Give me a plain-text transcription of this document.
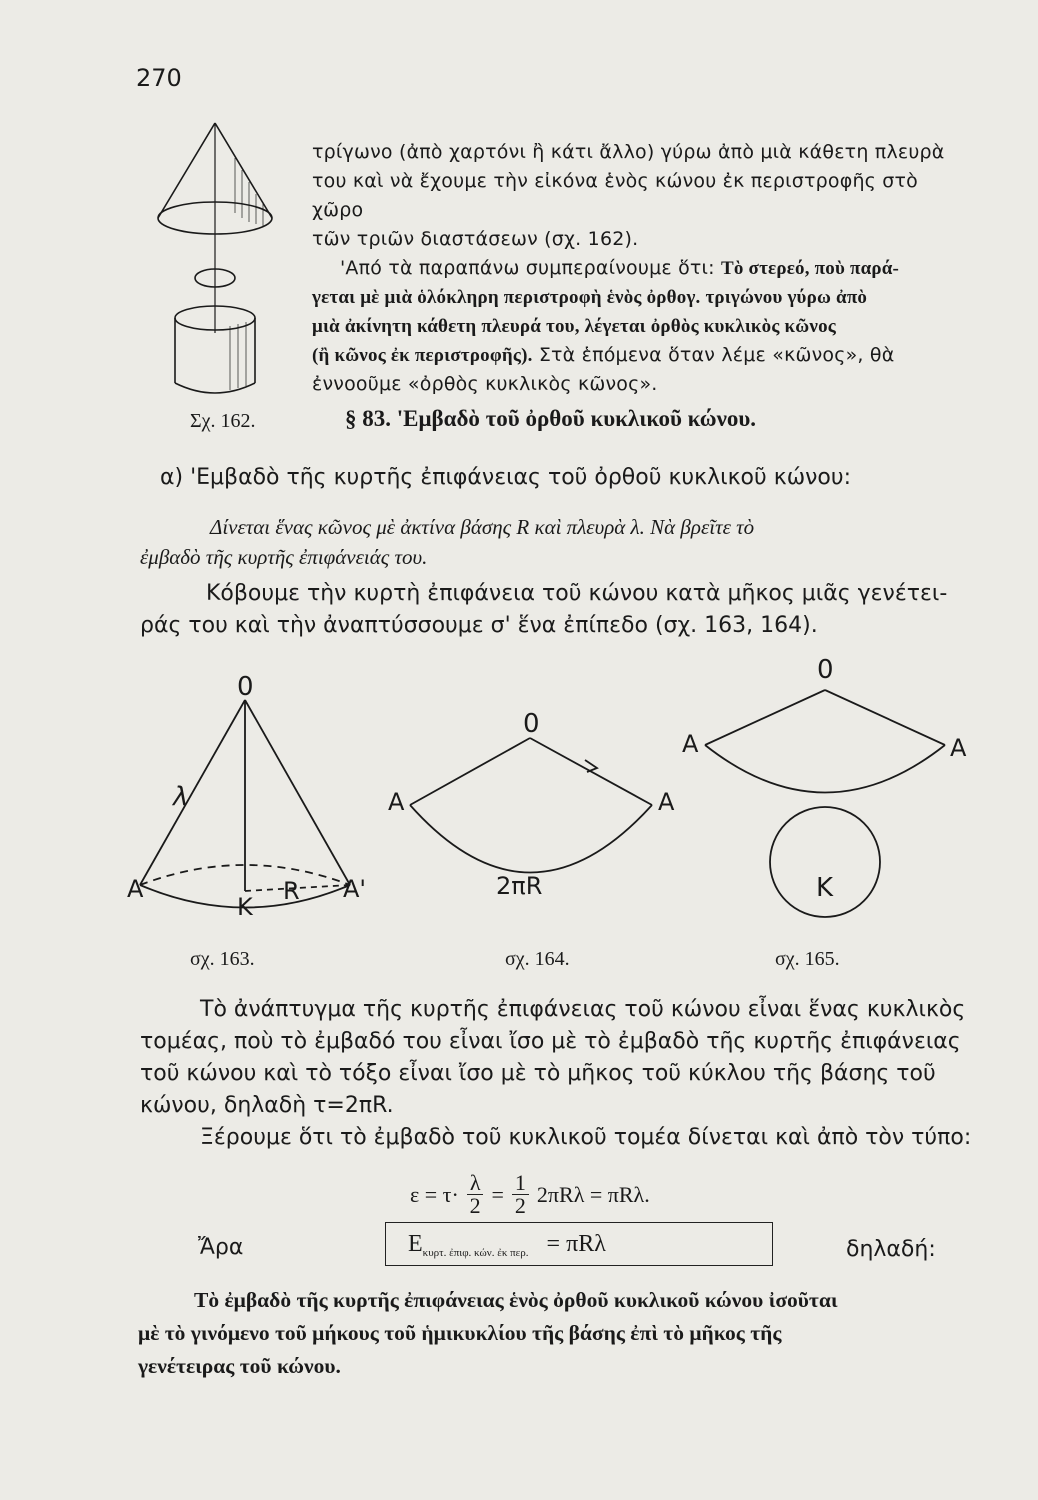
270
Σχ. 162.
τρίγωνο (ἀπὸ χαρτόνι ἢ κάτι ἄλλο) γύρω ἀπὸ μιὰ κάθετη πλευρὰ
του καὶ νὰ ἔχουμε τὴν εἰκόνα ἑνὸς κώνου ἐκ περιστροφῆς στὸ χῶρο
τῶν τριῶν διαστάσεων (σχ. 162).
'Από τὰ παραπάνω συμπεραίνουμε ὅτι: Τὸ στερεό, ποὺ παρά-
γεται μὲ μιὰ ὁλόκληρη περιστροφὴ ἑνὸς ὀρθογ. τριγώνου γύρω ἀπὸ
μιὰ ἀκίνητη κάθετη πλευρά του, λέγεται ὀρθὸς κυκλικὸς κῶνος
(ἢ κῶνος ἐκ περιστροφῆς). Στὰ ἑπόμενα ὅταν λέμε «κῶνος», θὰ
ἐννοοῦμε «ὀρθὸς κυκλικὸς κῶνος».
§ 83. 'Εμβαδὸ τοῦ ὀρθοῦ κυκλικοῦ κώνου.
α) 'Εμβαδὸ τῆς κυρτῆς ἐπιφάνειας τοῦ ὀρθοῦ κυκλικοῦ κώνου:
Δίνεται ἕνας κῶνος μὲ ἀκτίνα βάσης R καὶ πλευρὰ λ. Νὰ βρεῖτε τὸ
ἐμβαδὸ τῆς κυρτῆς ἐπιφάνειάς του.
Κόβουμε τὴν κυρτὴ ἐπιφάνεια τοῦ κώνου κατὰ μῆκος μιᾶς γενέτει-
ράς του καὶ τὴν ἀναπτύσσουμε σ' ἕνα ἐπίπεδο (σχ. 163, 164).
0
λ
A	A'
K
R
σχ. 163.
0
A	A
2πR
σχ. 164.
0
A	A
K
σχ. 165.
Τὸ ἀνάπτυγμα τῆς κυρτῆς ἐπιφάνειας τοῦ κώνου εἶναι ἕνας κυκλικὸς
τομέας, ποὺ τὸ ἐμβαδό του εἶναι ἴσο μὲ τὸ ἐμβαδὸ τῆς κυρτῆς ἐπιφάνειας
τοῦ κώνου καὶ τὸ τόξο εἶναι ἴσο μὲ τὸ μῆκος τοῦ κύκλου τῆς βάσης τοῦ
κώνου, δηλαδὴ τ=2πR.
Ξέρουμε ὅτι τὸ ἐμβαδὸ τοῦ κυκλικοῦ τομέα δίνεται καὶ ἀπὸ τὸν τύπο:
$\varepsilon = \tau\cdot \frac{\lambda}{2} = \frac{1}{2} 2\pi R\lambda = \pi R\lambda$.
Ἄρα	E κυρτ. ἐπιφ. κών. ἐκ περ. = πRλ	δηλαδή:
Τὸ ἐμβαδὸ τῆς κυρτῆς ἐπιφάνειας ἑνὸς ὀρθοῦ κυκλικοῦ κώνου ἰσοῦται
μὲ τὸ γινόμενο τοῦ μήκους τοῦ ἡμικυκλίου τῆς βάσης ἐπὶ τὸ μῆκος τῆς
γενέτειρας τοῦ κώνου.
